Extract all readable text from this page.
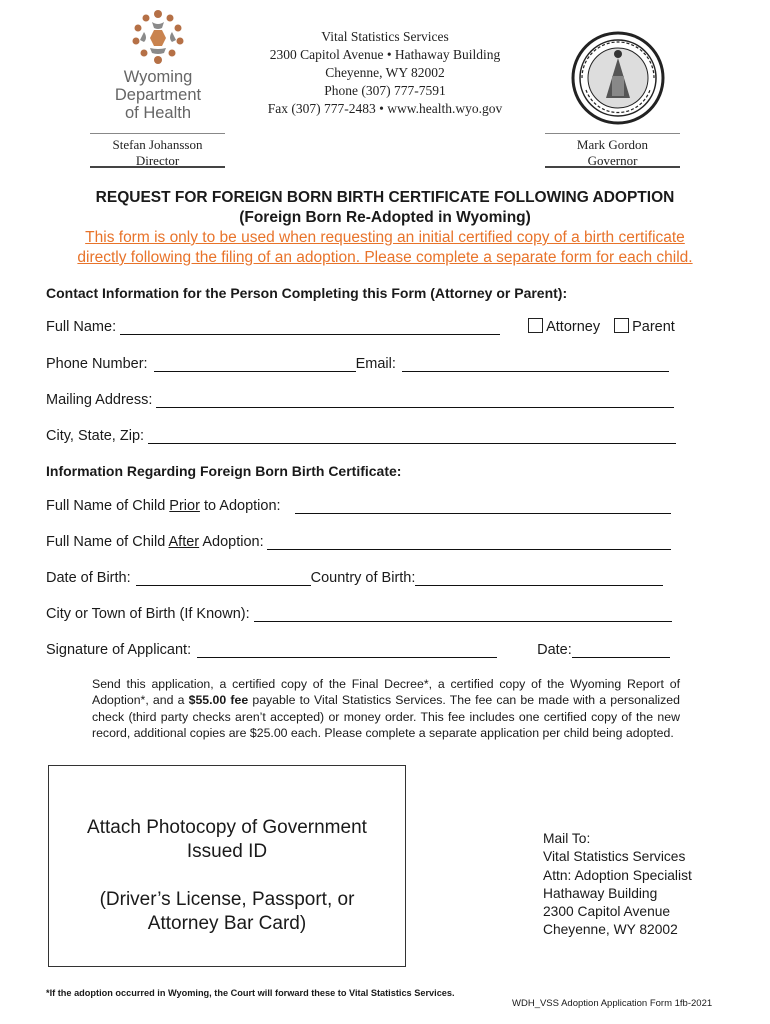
Wyoming
Department
of Health
Vital Statistics Services
2300 Capitol Avenue • Hathaway Building
Cheyenne, WY 82002
Phone (307) 777-7591
Fax (307) 777-2483 • www.health.wyo.gov
Stefan Johansson
Director
Mark Gordon
Governor
REQUEST FOR FOREIGN BORN BIRTH CERTIFICATE FOLLOWING ADOPTION
(Foreign Born Re-Adopted in Wyoming)
This form is only to be used when requesting an initial certified copy of a birth certificate
directly following the filing of an adoption. Please complete a separate form for each child.
Contact Information for the Person Completing this Form (Attorney or Parent):
Full Name:	Attorney	Parent
Phone Number:	Email:
Mailing Address:
City, State, Zip:
Information Regarding Foreign Born Birth Certificate:
Full Name of Child Prior to Adoption:
Full Name of Child After Adoption:
Date of Birth:	Country of Birth:
City or Town of Birth (If Known):
Signature of Applicant:	Date:
Send this application, a certified copy of the Final Decree*, a certified copy of the Wyoming Report of Adoption*, and a $55.00 fee payable to Vital Statistics Services. The fee can be made with a personalized check (third party checks aren’t accepted) or money order. This fee includes one certified copy of the new record, additional copies are $25.00 each. Please complete a separate application per child being adopted.
Attach Photocopy of Government
Issued ID
(Driver’s License, Passport, or
Attorney Bar Card)
Mail To:
Vital Statistics Services
Attn: Adoption Specialist
Hathaway Building
2300 Capitol Avenue
Cheyenne, WY 82002
*If the adoption occurred in Wyoming, the Court will forward these to Vital Statistics Services.
WDH_VSS Adoption Application Form 1fb-2021
